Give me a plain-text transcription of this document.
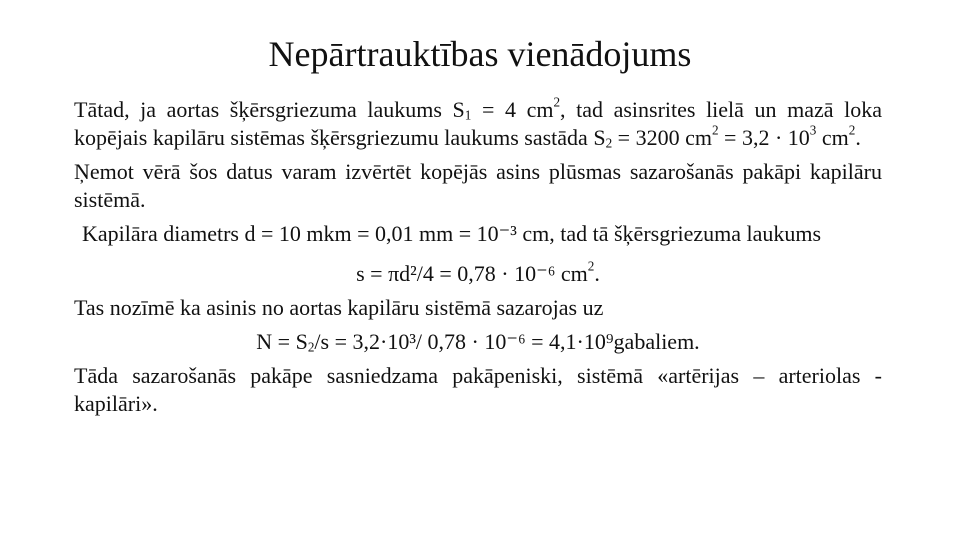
Nepārtrauktības vienādojums

Tātad, ja aortas šķērsgriezuma laukums $S_1 = 4$ $cm^2$, tad asinsrites lielā un mazā loka kopējais kapilāru sistēmas šķērsgriezumu laukums sastāda $S_2 = 3200$ $cm^2 = 3,2 \cdot 10^3$ $cm^2$.

Ņemot vērā šos datus varam izvērtēt kopējās asins plūsmas sazarošanās pakāpi kapilāru sistēmā.

Kapilāra diametrs d = 10 mkm = 0,01 mm = 10⁻³ cm, tad tā šķērsgriezuma laukums

s = πd²/4 = 0,78 · 10⁻⁶ $cm^2$.

Tas nozīmē ka asinis no aortas kapilāru sistēmā sazarojas uz

$N = S_2/s = 3,2\cdot 10^3/$ 0,78 · 10⁻⁶ = 4,1·10⁹gabaliem.

Tāda sazarošanās pakāpe sasniedzama pakāpeniski, sistēmā «artērijas – arteriolas - kapilāri».
